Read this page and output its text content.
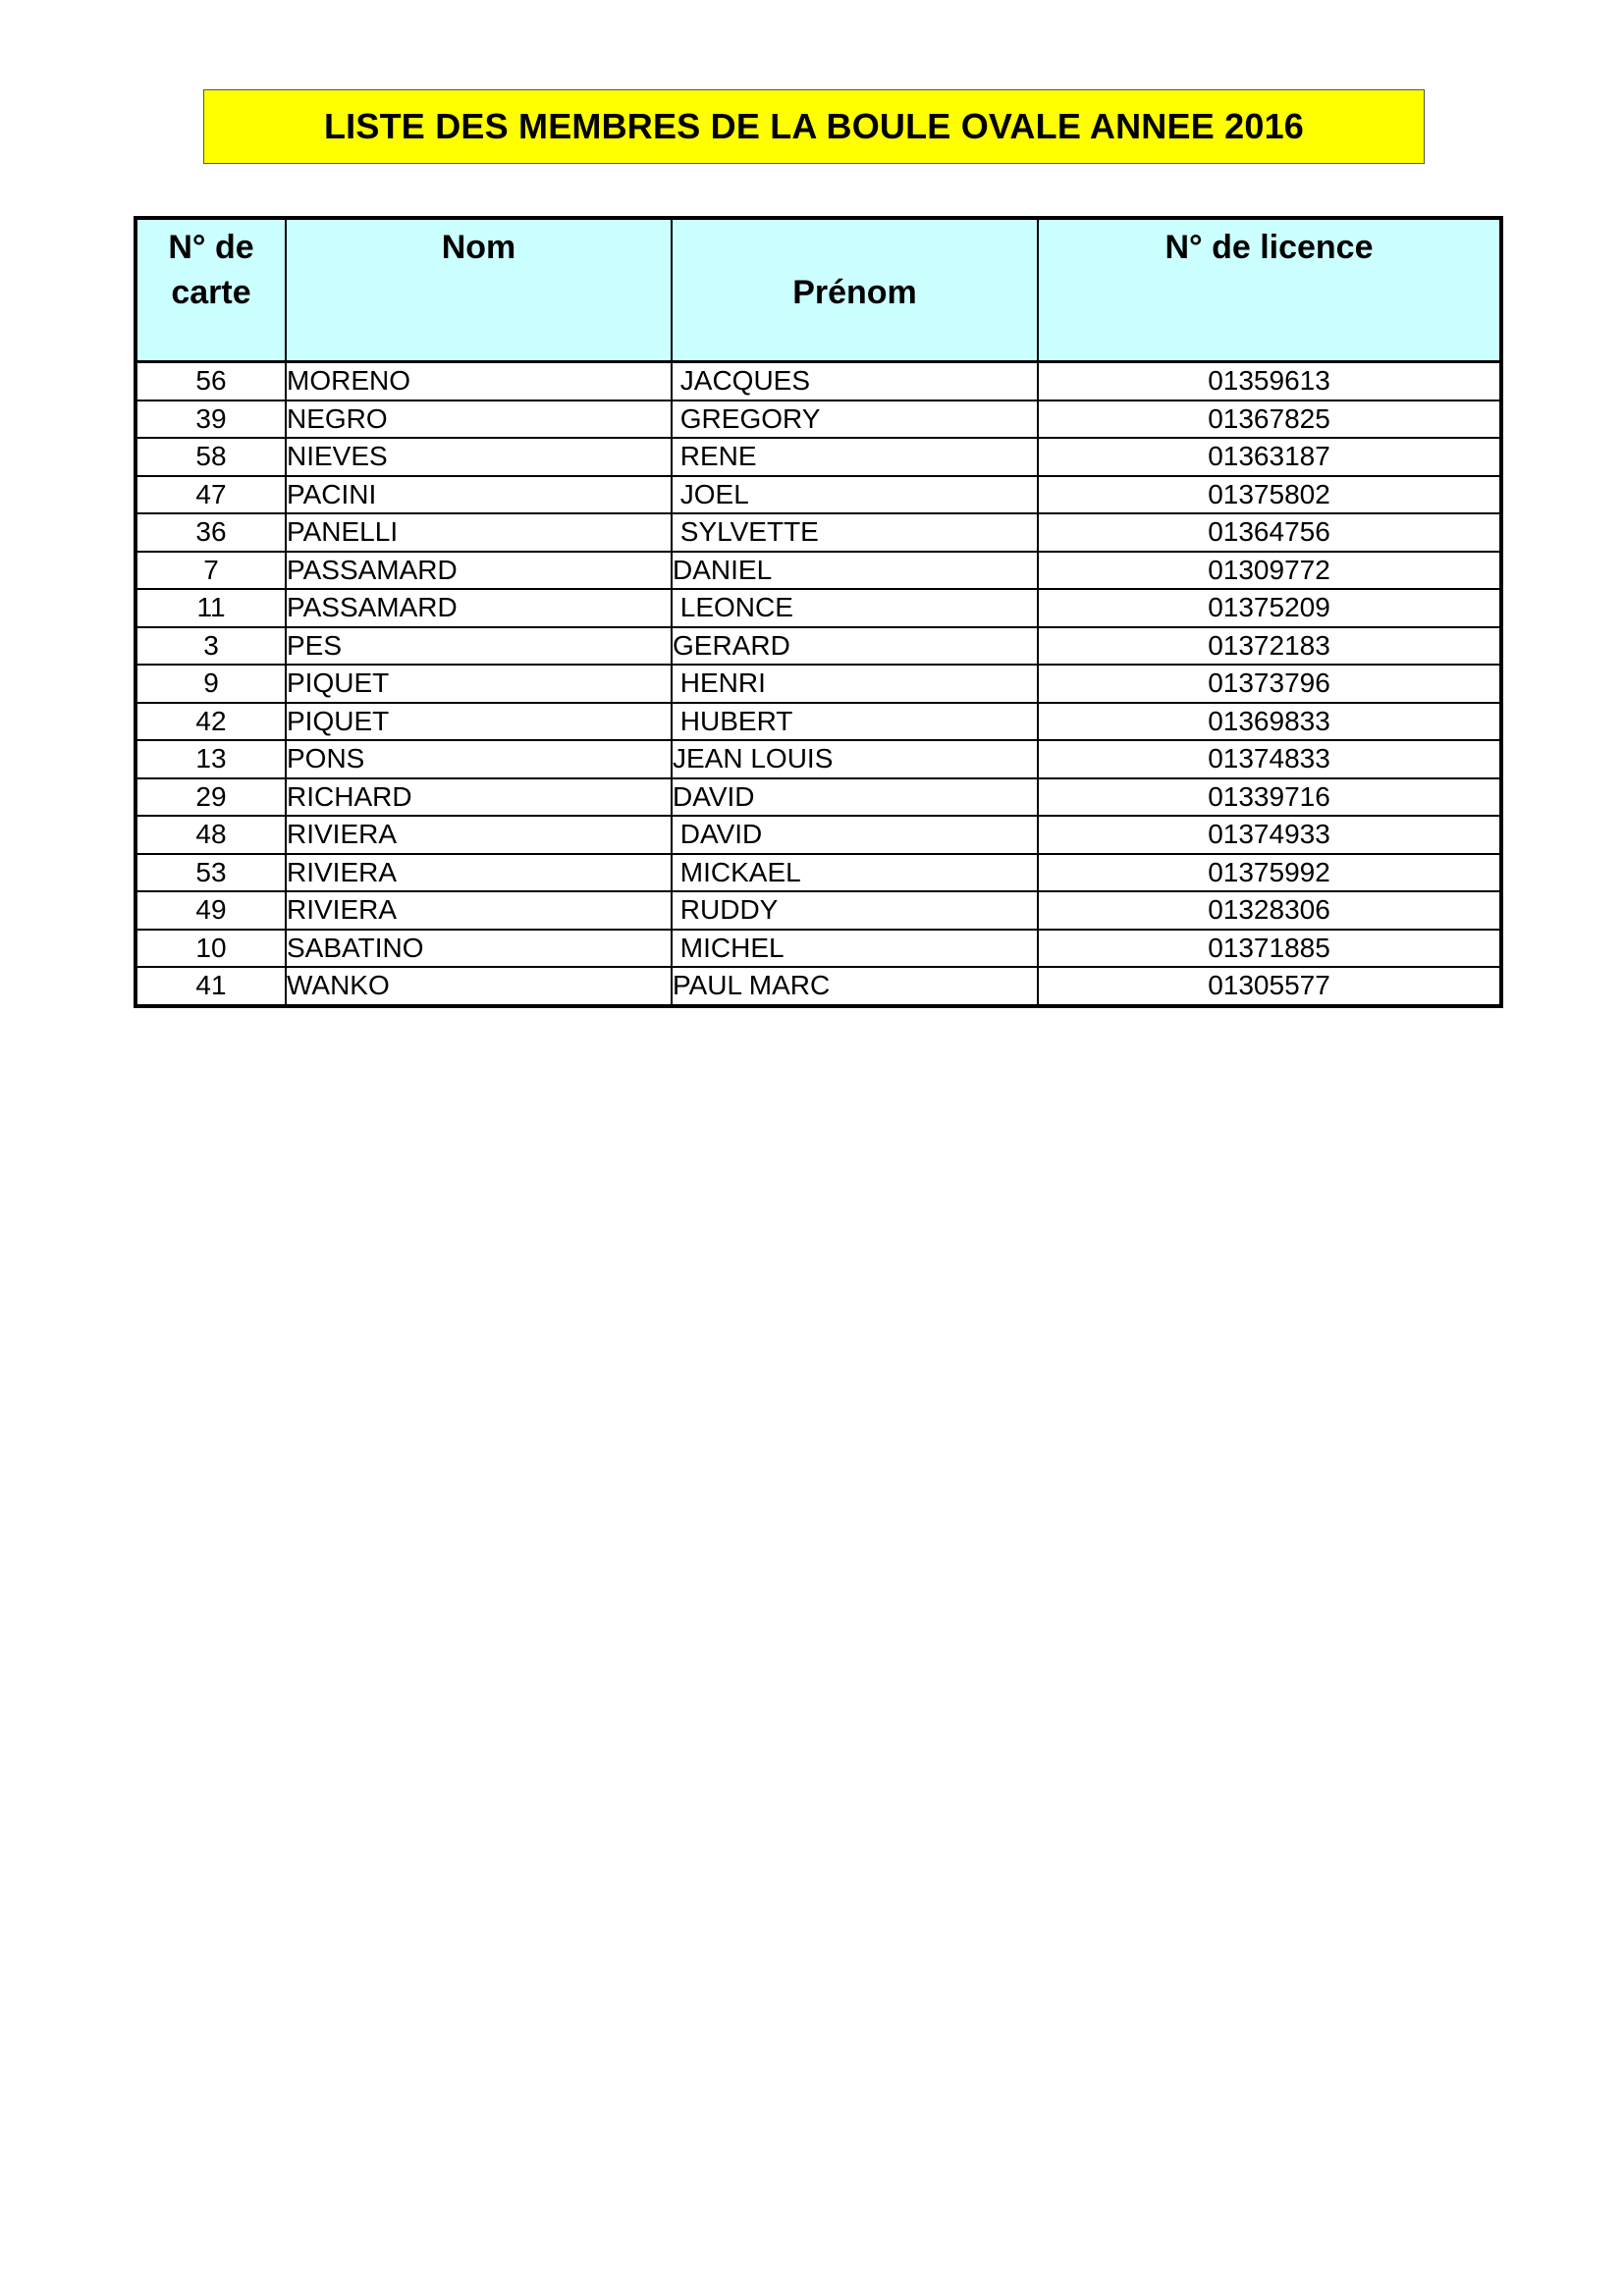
LISTE DES MEMBRES DE LA BOULE OVALE ANNEE 2016
N° de
carte	Nom	Prénom	N° de licence

56	MORENO	JACQUES	01359613
39	NEGRO	GREGORY	01367825
58	NIEVES	RENE	01363187
47	PACINI	JOEL	01375802
36	PANELLI	SYLVETTE	01364756
7	PASSAMARD	DANIEL	01309772
11	PASSAMARD	LEONCE	01375209
3	PES	GERARD	01372183
9	PIQUET	HENRI	01373796
42	PIQUET	HUBERT	01369833
13	PONS	JEAN LOUIS	01374833
29	RICHARD	DAVID	01339716
48	RIVIERA	DAVID	01374933
53	RIVIERA	MICKAEL	01375992
49	RIVIERA	RUDDY	01328306
10	SABATINO	MICHEL	01371885
41	WANKO	PAUL MARC	01305577
